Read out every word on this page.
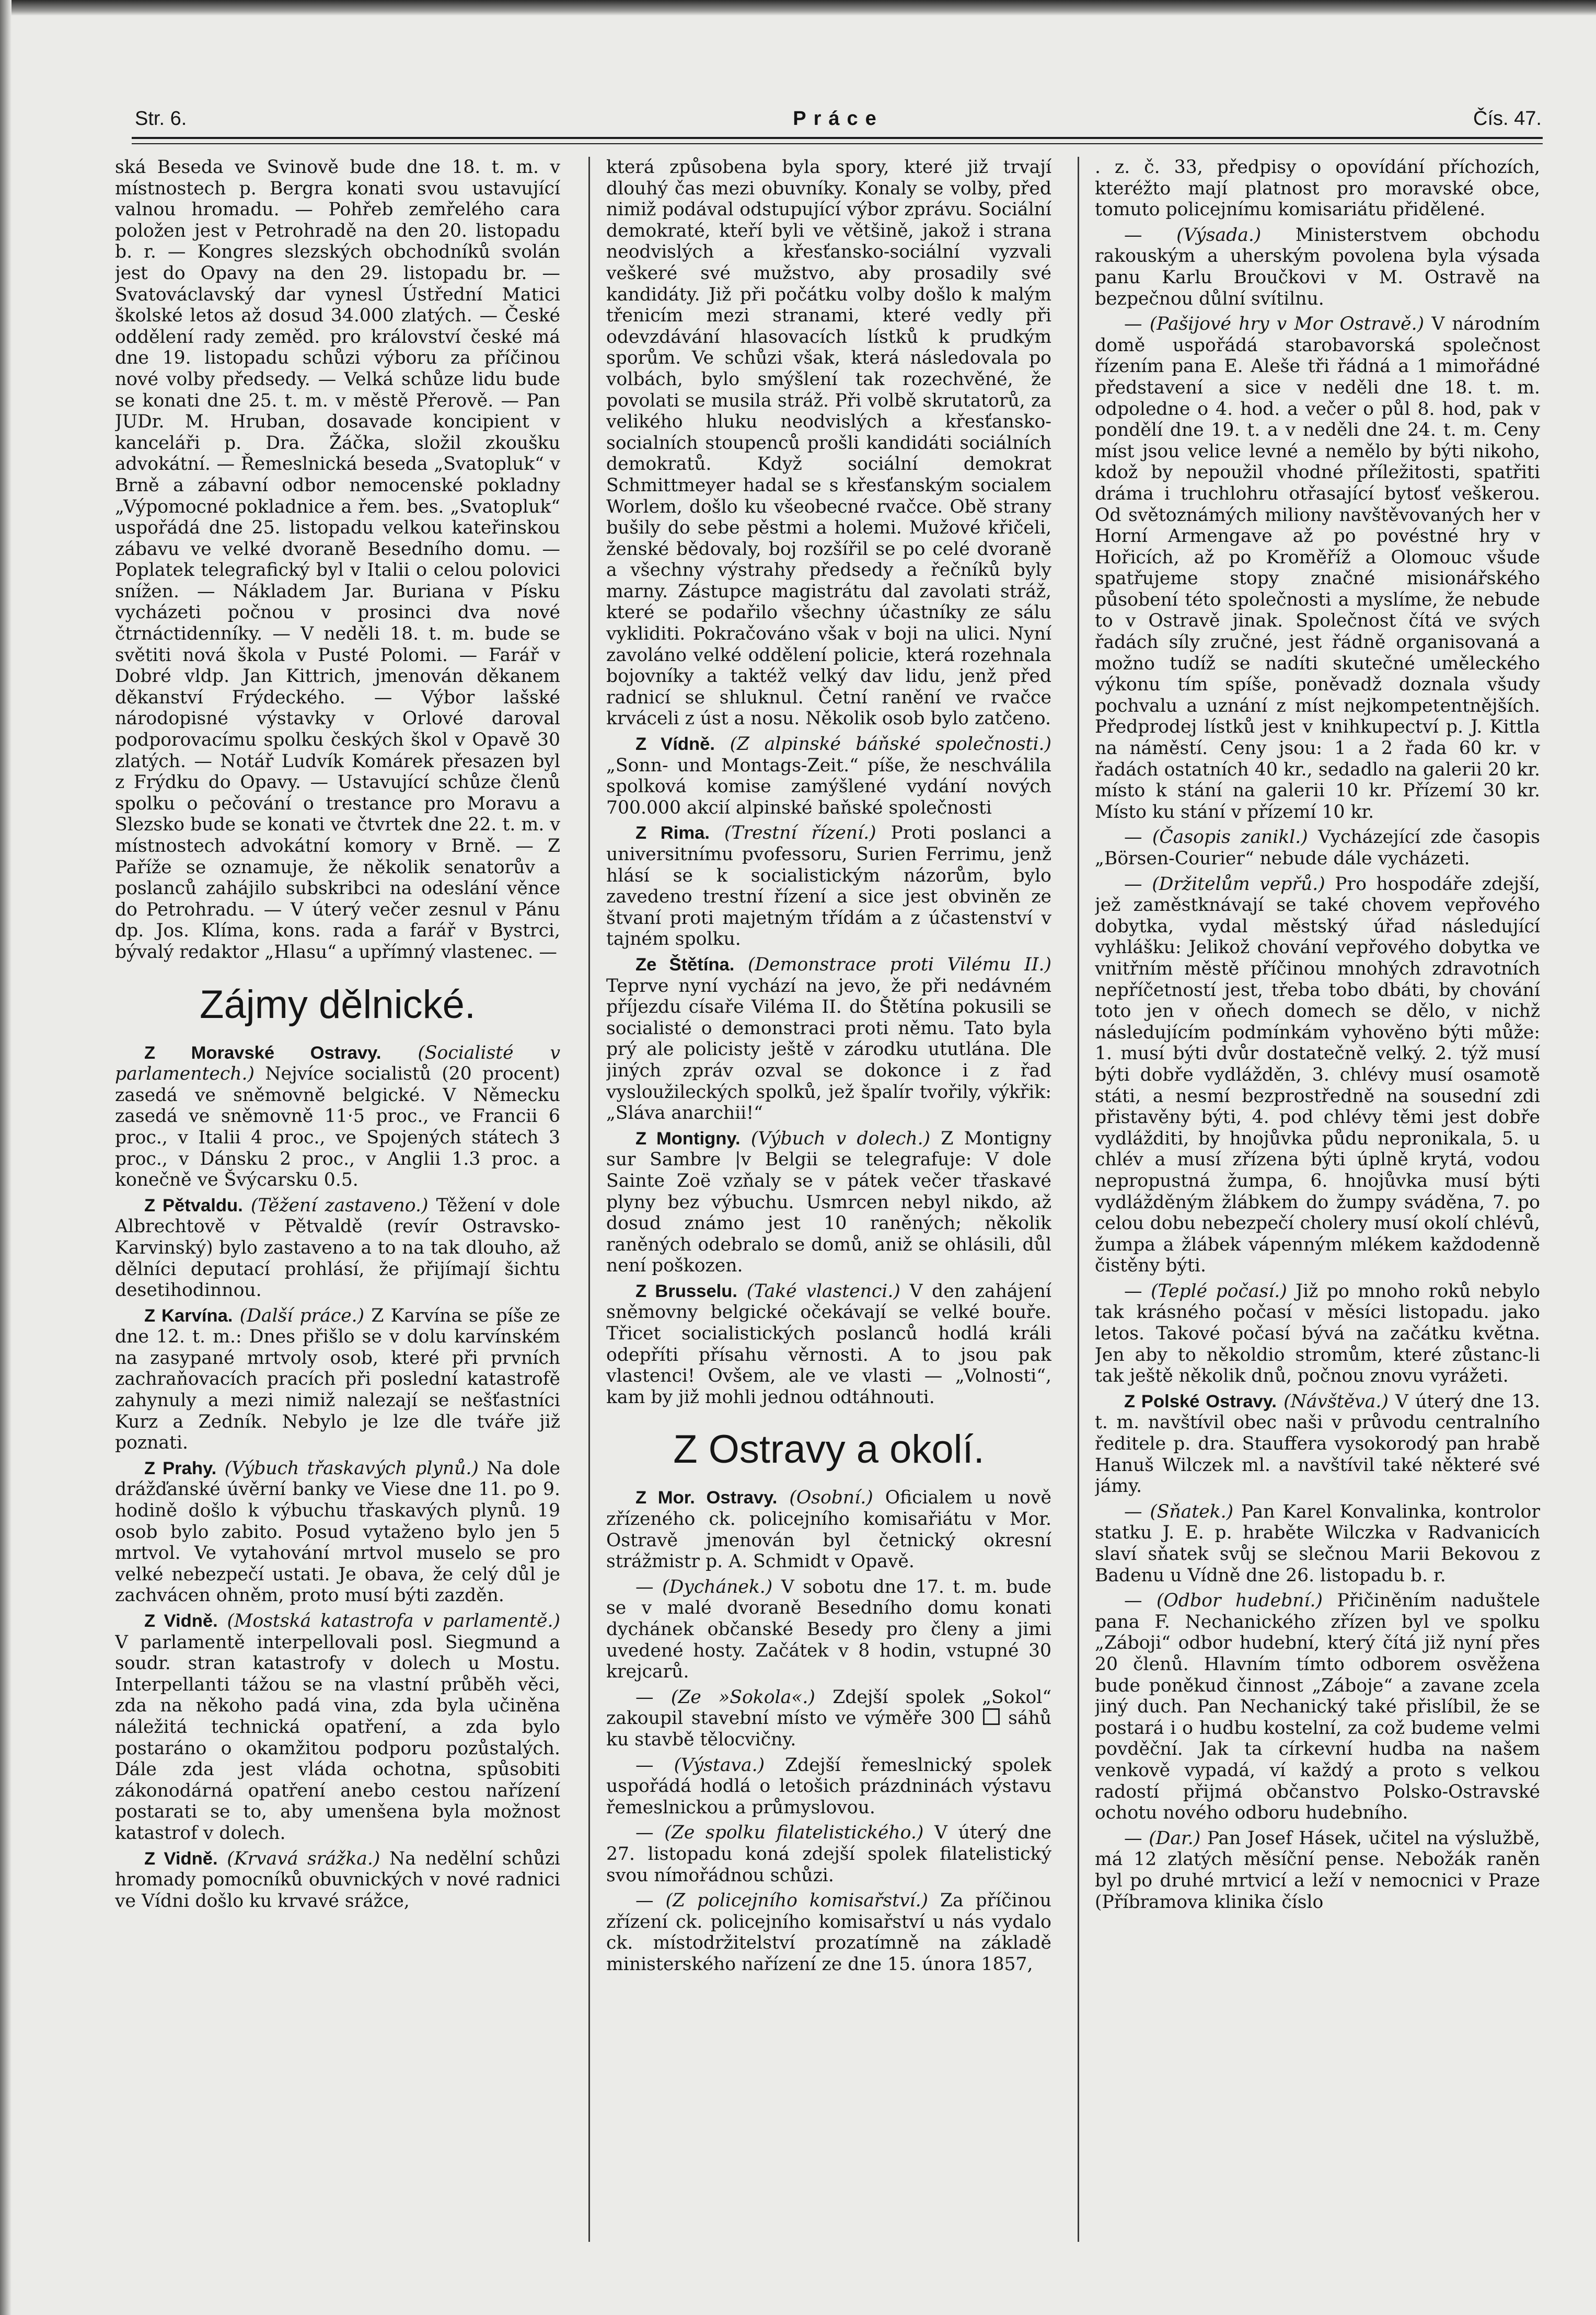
Str. 6.	Práce	Čís. 47.

ská Beseda ve Svinově bude dne 18. t. m. v místnostech p. Bergra konati svou ustavující valnou hromadu. — Pohřeb zemřelého cara položen jest v Petrohradě na den 20. listopadu b. r. — Kongres slezských obchodníků svolán jest do Opavy na den 29. listopadu br. — Svatováclavský dar vynesl Ústřední Matici školské letos až dosud 34.000 zlatých. — České oddělení rady zeměd. pro království české má dne 19. listopadu schůzi výboru za příčinou nové volby předsedy. — Velká schůze lidu bude se konati dne 25. t. m. v městě Přerově. — Pan JUDr. M. Hruban, dosavade koncipient v kanceláři p. Dra. Žáčka, složil zkoušku advokátní. — Řemeslnická beseda „Svatopluk“ v Brně a zábavní odbor nemocenské pokladny „Výpomocné pokladnice a řem. bes. „Svatopluk“ uspořádá dne 25. listopadu velkou kateřinskou zábavu ve velké dvoraně Besedního domu. — Poplatek telegrafický byl v Italii o celou polovici snížen. — Nákladem Jar. Buriana v Písku vycházeti počnou v prosinci dva nové čtrnáctidenníky. — V neděli 18. t. m. bude se světiti nová škola v Pusté Polomi. — Farář v Dobré vldp. Jan Kittrich, jmenován děkanem děkanství Frýdeckého. — Výbor lašské národopisné výstavky v Orlové daroval podporovacímu spolku českých škol v Opavě 30 zlatých. — Notář Ludvík Komárek přesazen byl z Frýdku do Opavy. — Ustavující schůze členů spolku o pečování o trestance pro Moravu a Slezsko bude se konati ve čtvrtek dne 22. t. m. v místnostech advokátní komory v Brně. — Z Paříže se oznamuje, že několik senatorův a poslanců zahájilo subskribci na odeslání věnce do Petrohradu. — V úterý večer zesnul v Pánu dp. Jos. Klíma, kons. rada a farář v Bystrci, bývalý redaktor „Hlasu“ a upřímný vlastenec. —

Zájmy dělnické.

Z Moravské Ostravy. (Socialisté v parlamentech.) Nejvíce socialistů (20 procent) zasedá ve sněmovně belgické. V Německu zasedá ve sněmovně 11·5 proc., ve Francii 6 proc., v Italii 4 proc., ve Spojených státech 3 proc., v Dánsku 2 proc., v Anglii 1.3 proc. a konečně ve Švýcarsku 0.5.

Z Pětvaldu. (Těžení zastaveno.) Těžení v dole Albrechtově v Pětvaldě (revír Ostravsko-Karvinský) bylo zastaveno a to na tak dlouho, až dělníci deputací prohlásí, že přijímají šichtu desetihodinnou.

Z Karvína. (Další práce.) Z Karvína se píše ze dne 12. t. m.: Dnes přišlo se v dolu karvínském na zasypané mrtvoly osob, které při prvních zachraňovacích pracích při poslední katastrofě zahynuly a mezi nimiž nalezají se nešťastníci Kurz a Zedník. Nebylo je lze dle tváře již poznati.

Z Prahy. (Výbuch třaskavých plynů.) Na dole drážďanské úvěrní banky ve Viese dne 11. po 9. hodině došlo k výbuchu třaskavých plynů. 19 osob bylo zabito. Posud vytaženo bylo jen 5 mrtvol. Ve vytahování mrtvol muselo se pro velké nebezpečí ustati. Je obava, že celý důl je zachvácen ohněm, proto musí býti zazděn.

Z Vidně. (Mostská katastrofa v parlamentě.) V parlamentě interpellovali posl. Siegmund a soudr. stran katastrofy v dolech u Mostu. Interpellanti tážou se na vlastní průběh věci, zda na někoho padá vina, zda byla učiněna náležitá technická opatření, a zda bylo postaráno o okamžitou podporu pozůstalých. Dále zda jest vláda ochotna, spůsobiti zákonodárná opatření anebo cestou nařízení postarati se to, aby umenšena byla možnost katastrof v dolech.

Z Vidně. (Krvavá srážka.) Na nedělní schůzi hromady pomocníků obuvnických v nové radnici ve Vídni došlo ku krvavé srážce,

která způsobena byla spory, které již trvají dlouhý čas mezi obuvníky. Konaly se volby, před nimiž podával odstupující výbor zprávu. Sociální demokraté, kteří byli ve většině, jakož i strana neodvislých a křesťansko-sociální vyzvali veškeré své mužstvo, aby prosadily své kandidáty. Již při počátku volby došlo k malým třenicím mezi stranami, které vedly při odevzdávání hlasovacích lístků k prudkým sporům. Ve schůzi však, která následovala po volbách, bylo smýšlení tak rozechvěné, že povolati se musila stráž. Při volbě skrutatorů, za velikého hluku neodvislých a křesťansko-socialních stoupenců prošli kandidáti sociálních demokratů. Když sociální demokrat Schmittmeyer hadal se s křesťanským socialem Worlem, došlo ku všeobecné rvačce. Obě strany bušily do sebe pěstmi a holemi. Mužové křičeli, ženské bědovaly, boj rozšířil se po celé dvoraně a všechny výstrahy předsedy a řečníků byly marny. Zástupce magistrátu dal zavolati stráž, které se podařilo všechny účastníky ze sálu vykliditi. Pokračováno však v boji na ulici. Nyní zavoláno velké oddělení policie, která rozehnala bojovníky a taktéž velký dav lidu, jenž před radnicí se shluknul. Četní ranění ve rvačce krváceli z úst a nosu. Několik osob bylo zatčeno.

Z Vídně. (Z alpinské báňské společnosti.) „Sonn- und Montags-Zeit.“ píše, že neschválila spolková komise zamýšlené vydání nových 700.000 akcií alpinské baňské společnosti

Z Rima. (Trestní řízení.) Proti poslanci a universitnímu pvofessoru, Surien Ferrimu, jenž hlásí se k socialistickým názorům, bylo zavedeno trestní řízení a sice jest obviněn ze štvaní proti majetným třídám a z účastenství v tajném spolku.

Ze Štětína. (Demonstrace proti Vilému II.) Teprve nyní vychází na jevo, že při nedávném příjezdu císaře Viléma II. do Štětína pokusili se socialisté o demonstraci proti němu. Tato byla prý ale policisty ještě v zárodku ututlána. Dle jiných zpráv ozval se dokonce i z řad vysloužileckých spolků, jež špalír tvořily, výkřik: „Sláva anarchii!“

Z Montigny. (Výbuch v dolech.) Z Montigny sur Sambre |v Belgii se telegrafuje: V dole Sainte Zoë vzňaly se v pátek večer třaskavé plyny bez výbuchu. Usmrcen nebyl nikdo, až dosud známo jest 10 raněných; několik raněných odebralo se domů, aniž se ohlásili, důl není poškozen.

Z Brusselu. (Také vlastenci.) V den zahájení sněmovny belgické očekávají se velké bouře. Třicet socialistických poslanců hodlá králi odepříti přísahu věrnosti. A to jsou pak vlastenci! Ovšem, ale ve vlasti — „Volnosti“, kam by již mohli jednou odtáhnouti.

Z Ostravy a okolí.

Z Mor. Ostravy. (Osobní.) Oficialem u nově zřízeného ck. policejního komisařiátu v Mor. Ostravě jmenován byl četnický okresní strážmistr p. A. Schmidt v Opavě.

— (Dychánek.) V sobotu dne 17. t. m. bude se v malé dvoraně Besedního domu konati dychánek občanské Besedy pro členy a jimi uvedené hosty. Začátek v 8 hodin, vstupné 30 krejcarů.

— (Ze »Sokola«.) Zdejší spolek „Sokol“ zakoupil stavební místo ve výměře 300 sáhů ku stavbě tělocvičny.

— (Výstava.) Zdejší řemeslnický spolek uspořádá hodlá o letošich prázdninách výstavu řemeslnickou a průmyslovou.

— (Ze spolku filatelistického.) V úterý dne 27. listopadu koná zdejší spolek filatelistický svou nímořádnou schůzi.

— (Z policejního komisařství.) Za příčinou zřízení ck. policejního komisařství u nás vydalo ck. místodržitelství prozatímně na základě ministerského nařízení ze dne 15. února 1857,

. z. č. 33, předpisy o opovídání příchozích, kteréžto mají platnost pro moravské obce, tomuto policejnímu komisariátu přidělené.

— (Výsada.) Ministerstvem obchodu rakouským a uherským povolena byla výsada panu Karlu Broučkovi v M. Ostravě na bezpečnou důlní svítilnu.

— (Pašijové hry v Mor Ostravě.) V národním domě uspořádá starobavorská společnost řízením pana E. Aleše tři řádná a 1 mimořádné představení a sice v neděli dne 18. t. m. odpoledne o 4. hod. a večer o půl 8. hod, pak v pondělí dne 19. t. a v neděli dne 24. t. m. Ceny míst jsou velice levné a nemělo by býti nikoho, kdož by nepoužil vhodné příležitosti, spatřiti dráma i truchlohru otřasající bytosť veškerou. Od světoznámých miliony navštěvovaných her v Horní Armengave až po povéstné hry v Hořicích, až po Kroměříž a Olomouc všude spatřujeme stopy značné misionářského působení této společnosti a myslíme, že nebude to v Ostravě jinak. Společnost čítá ve svých řadách síly zručné, jest řádně organisovaná a možno tudíž se nadíti skutečné uměleckého výkonu tím spíše, poněvadž doznala všudy pochvalu a uznání z míst nejkompetentnějších. Předprodej lístků jest v knihkupectví p. J. Kittla na náměstí. Ceny jsou: 1 a 2 řada 60 kr. v řadách ostatních 40 kr., sedadlo na galerii 20 kr. místo k stání na galerii 10 kr. Přízemí 30 kr. Místo ku stání v přízemí 10 kr.

— (Časopis zanikl.) Vycházející zde časopis „Börsen-Courier“ nebude dále vycházeti.

— (Držitelům vepřů.) Pro hospodáře zdejší, jež zaměstknávají se také chovem vepřového dobytka, vydal městský úřad následující vyhlášku: Jelikož chování vepřového dobytka ve vnitřním městě příčinou mnohých zdravotních nepříčetností jest, třeba tobo dbáti, by chování toto jen v oňech domech se dělo, v nichž následujícím podmínkám vyhověno býti může: 1. musí býti dvůr dostatečně velký. 2. týž musí býti dobře vydlážděn, 3. chlévy musí osamotě státi, a nesmí bezprostředně na sousední zdi přistavěny býti, 4. pod chlévy těmi jest dobře vydlážditi, by hnojůvka půdu nepronikala, 5. u chlév a musí zřízena býti úplně krytá, vodou nepropustná žumpa, 6. hnojůvka musí býti vydlážděným žlábkem do žumpy sváděna, 7. po celou dobu nebezpečí cholery musí okolí chlévů, žumpa a žlábek vápenným mlékem každodenně čistěny býti.

— (Teplé počasí.) Již po mnoho roků nebylo tak krásného počasí v měsíci listopadu. jako letos. Takové počasí bývá na začátku května. Jen aby to několdio stromům, které zůstanc-li tak ještě několik dnů, počnou znovu vyrážeti.

Z Polské Ostravy. (Návštěva.) V úterý dne 13. t. m. navštívil obec naši v průvodu centralního ředitele p. dra. Stauffera vysokorodý pan hrabě Hanuš Wilczek ml. a navštívil také některé své jámy.

— (Sňatek.) Pan Karel Konvalinka, kontrolor statku J. E. p. hraběte Wilczka v Radvanicích slaví sňatek svůj se slečnou Marii Bekovou z Badenu u Vídně dne 26. listopadu b. r.

— (Odbor hudební.) Přičiněním naduštelе pana F. Nechanického zřízen byl ve spolku „Záboji“ odbor hudební, který čítá již nyní přes 20 členů. Hlavním tímto odborem osvěžena bude poněkud činnost „Záboje“ a zavane zcela jiný duch. Pan Nechanický také přislíbil, že se postará i o hudbu kostelní, za což budeme velmi povděční. Jak ta církevní hudba na našem venkově vypadá, ví každý a proto s velkou radostí přijmá občanstvo Polsko-Ostravské ochotu nového odboru hudebního.

— (Dar.) Pan Josef Hásek, učitel na výslužbě, má 12 zlatých měsíční pense. Nebožák raněn byl po druhé mrtvicí a leží v nemocnici v Praze (Příbramova klinika číslo
